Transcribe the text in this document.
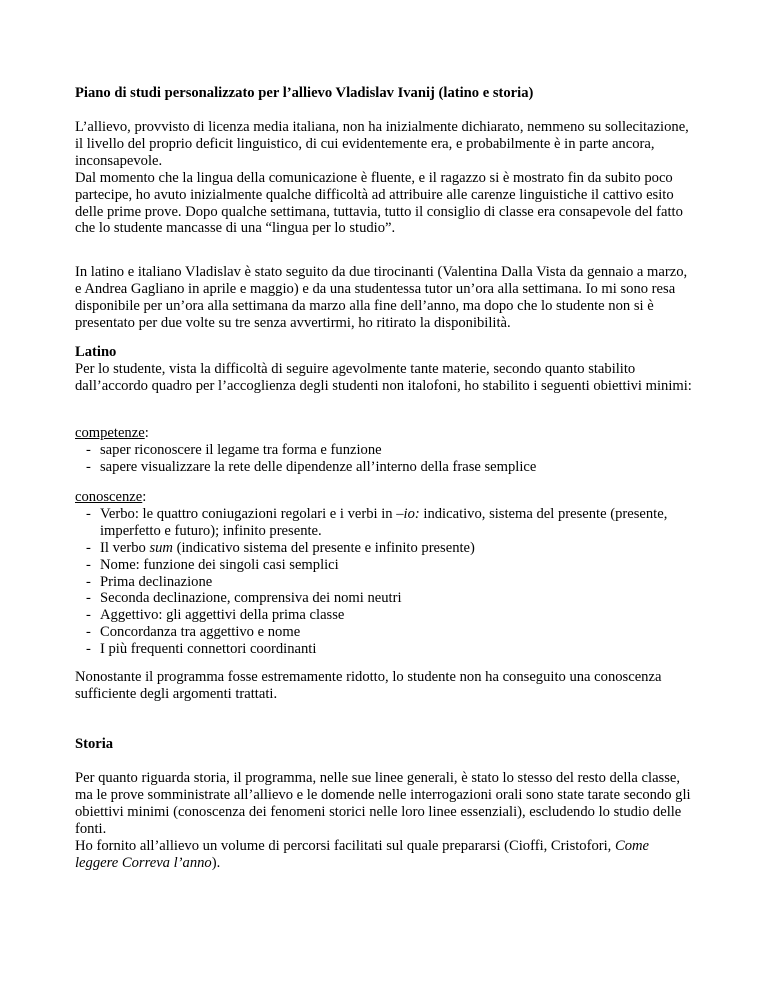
Piano di studi personalizzato per l’allievo Vladislav Ivanij (latino e storia)

L’allievo, provvisto di licenza media italiana, non ha inizialmente dichiarato, nemmeno su sollecitazione, il livello del proprio deficit linguistico, di cui evidentemente era, e probabilmente è in parte ancora, inconsapevole.

Dal momento che la lingua della comunicazione è fluente, e il ragazzo si è mostrato fin da subito poco partecipe, ho avuto inizialmente qualche difficoltà ad attribuire alle carenze linguistiche il cattivo esito delle prime prove. Dopo qualche settimana, tuttavia, tutto il consiglio di classe era consapevole del fatto che lo studente mancasse di una “lingua per lo studio”.

In latino e italiano Vladislav è stato seguito da due tirocinanti (Valentina Dalla Vista da gennaio a marzo, e Andrea Gagliano in aprile e maggio) e da una studentessa tutor un’ora alla settimana. Io mi sono resa disponibile per un’ora alla settimana da marzo alla fine dell’anno, ma dopo che lo studente non si è presentato per due volte su tre senza avvertirmi, ho ritirato la disponibilità.

Latino

Per lo studente, vista la difficoltà di seguire agevolmente tante materie, secondo quanto stabilito dall’accordo quadro per l’accoglienza degli studenti non italofoni, ho stabilito i seguenti obiettivi minimi:

competenze:

- saper riconoscere il legame tra forma e funzione
- sapere visualizzare la rete delle dipendenze all’interno della frase semplice

conoscenze:

- Verbo: le quattro coniugazioni regolari e i verbi in –io: indicativo, sistema del presente (presente, imperfetto e futuro); infinito presente.
- Il verbo sum (indicativo sistema del presente e infinito presente)
- Nome: funzione dei singoli casi semplici
- Prima declinazione
- Seconda declinazione, comprensiva dei nomi neutri
- Aggettivo: gli aggettivi della prima classe
- Concordanza tra aggettivo e nome
- I più frequenti connettori coordinanti

Nonostante il programma fosse estremamente ridotto, lo studente non ha conseguito una conoscenza sufficiente degli argomenti trattati.

Storia

Per quanto riguarda storia, il programma, nelle sue linee generali, è stato lo stesso del resto della classe, ma le prove somministrate all’allievo e le domende nelle interrogazioni orali sono state tarate secondo gli obiettivi minimi (conoscenza dei fenomeni storici nelle loro linee essenziali), escludendo lo studio delle fonti.

Ho fornito all’allievo un volume di percorsi facilitati sul quale prepararsi (Cioffi, Cristofori, Come leggere Correva l’anno).
